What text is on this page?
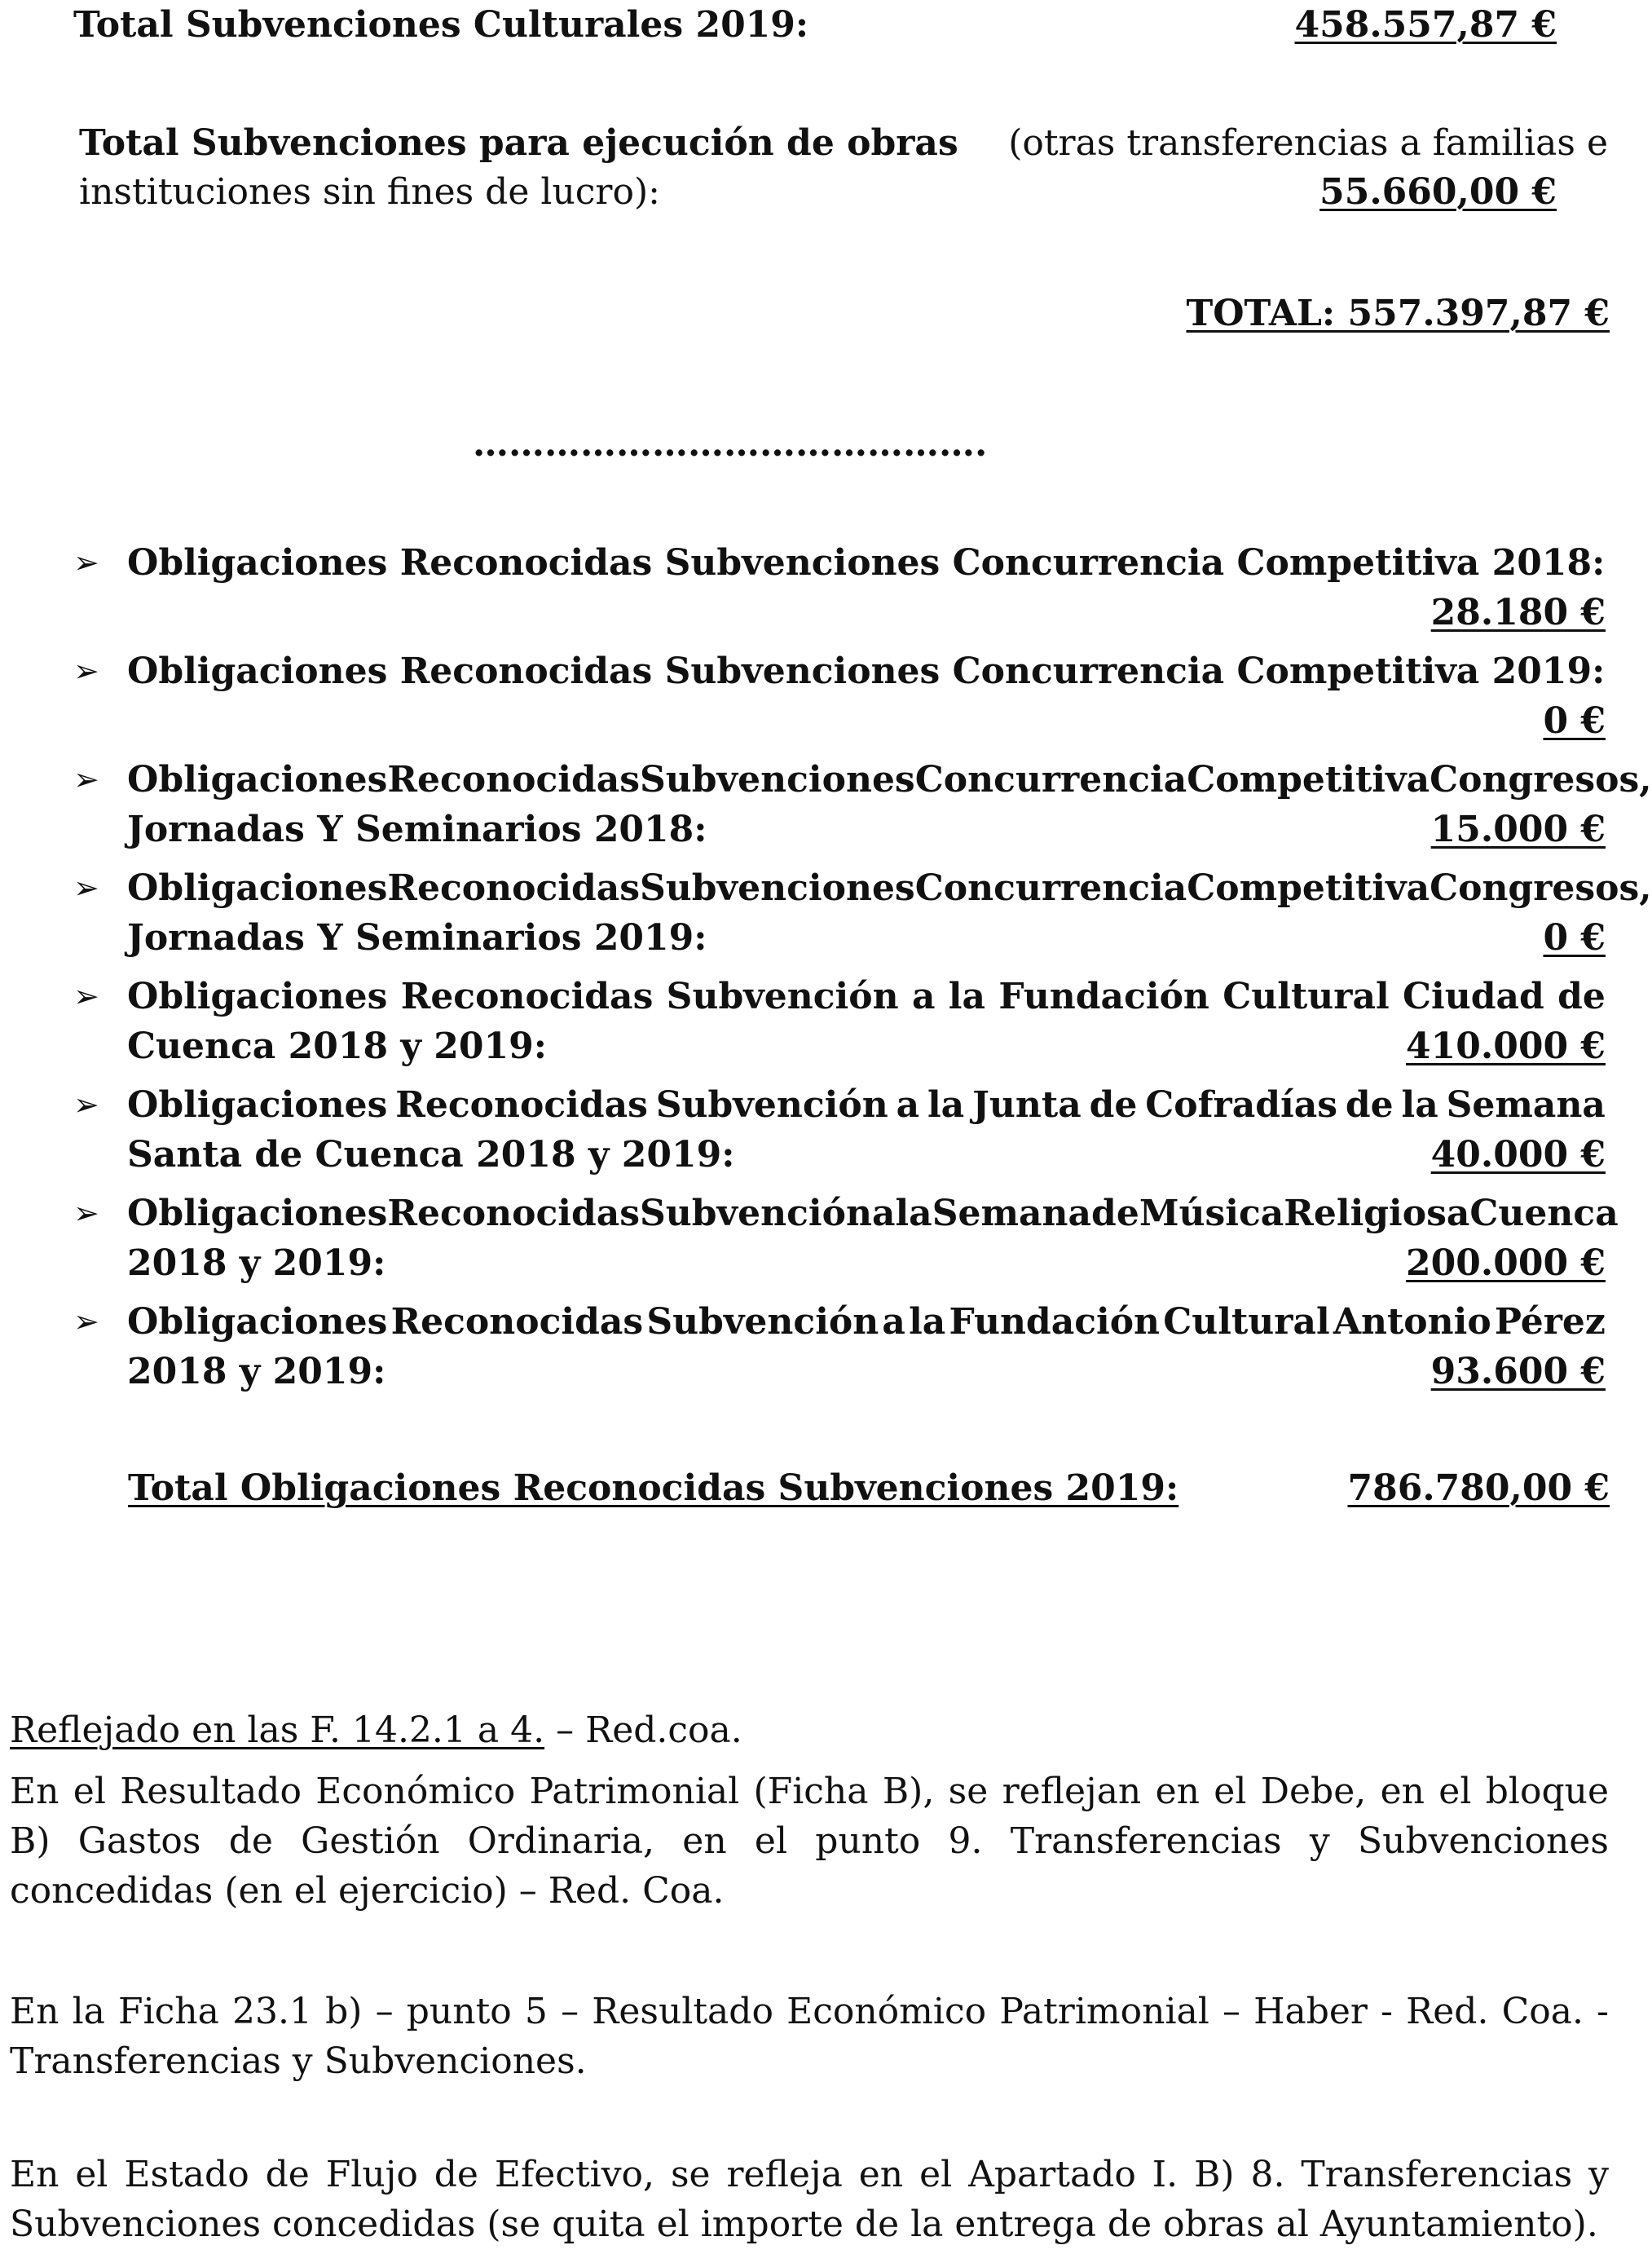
Total Subvenciones Culturales 2019:	458.557,87 €
Total Subvenciones para ejecución de obras (otras transferencias a familias e
instituciones sin fines de lucro):	55.660,00 €
TOTAL: 557.397,87 €
…………………………………….
➢ Obligaciones Reconocidas Subvenciones Concurrencia Competitiva 2018:
28.180 €
➢ Obligaciones Reconocidas Subvenciones Concurrencia Competitiva 2019:
0 €
➢ Obligaciones Reconocidas Subvenciones Concurrencia Competitiva Congresos,
Jornadas Y Seminarios 2018:	15.000 €
➢ Obligaciones Reconocidas Subvenciones Concurrencia Competitiva Congresos,
Jornadas Y Seminarios 2019:	0 €
➢ Obligaciones Reconocidas Subvención a la Fundación Cultural Ciudad de
Cuenca 2018 y 2019:	410.000 €
➢ Obligaciones Reconocidas Subvención a la Junta de Cofradías de la Semana
Santa de Cuenca 2018 y 2019:	40.000 €
➢ Obligaciones Reconocidas Subvención a la Semana de Música Religiosa Cuenca
2018 y 2019:	200.000 €
➢ Obligaciones Reconocidas Subvención a la Fundación Cultural Antonio Pérez
2018 y 2019:	93.600 €
Total Obligaciones Reconocidas Subvenciones 2019:	786.780,00 €
Reflejado en las F. 14.2.1 a 4. – Red.coa.
En el Resultado Económico Patrimonial (Ficha B), se reflejan en el Debe, en el bloque B) Gastos de Gestión Ordinaria, en el punto 9. Transferencias y Subvenciones concedidas (en el ejercicio) – Red. Coa.
En la Ficha 23.1 b) – punto 5 – Resultado Económico Patrimonial – Haber - Red. Coa. - Transferencias y Subvenciones.
En el Estado de Flujo de Efectivo, se refleja en el Apartado I. B) 8. Transferencias y Subvenciones concedidas (se quita el importe de la entrega de obras al Ayuntamiento).
